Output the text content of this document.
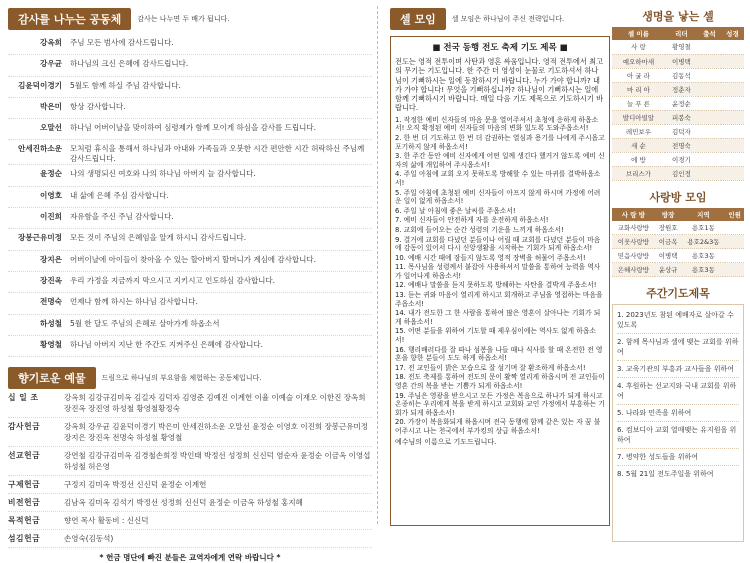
감사를 나누는 공동체	감사는 나누면 두 배가 됩니다.
강옥희	주님 모든 범사에 감사드립니다.
강우균	하나님의 크신 은혜에 감사드립니다.
김윤덕이경기	5월도 함께 하실 주님 감사합니다.
박은미	항상 감사합니다.
오말선	하나님 어버이날을 맞이하여 심령제가 함께 모이게 하심을 감사를 드립니다.
안세진하소운	모처럼 휴식을 통해서 하나님과 아내와 가족들과 오붓한 시간 편안한 시간 허락하신 주님께 감사드립니다.
윤정순	나의 생명되신 여호와 나의 하나님 아버지 늘 감사합니다.
이영호	내 삶에 은혜 주심 감사합니다.
이진희	자유함을 주신 주님 감사합니다.
장봉근유미정	모든 것이 주님의 은혜임을 알게 하시니 감사드립니다.
장지은	어버이날에 아이들이 찾아올 수 있는 할아버지 할머니가 계심에 감사합니다.
장진옥	우리 가정을 지금까지 막으시고 지키시고 인도하심 감사합니다.
전명숙	언제나 함께 하시는 하나님 감사합니다.
하성철	5월 한 달도 주님의 은혜로 살아가게 하옵소서
황영철	하나님 아버지 지난 한 주간도 지켜주신 은혜에 감사합니다.
향기로운 예물	드림으로 하나님의 부요함을 체험하는 공동체입니다.
십 일 조	강옥희 김강규김미옥 김길자 김덕자 김영준 김예진 이계헌 이율 이예슬 이재오 이한진 장옥희 장진옥 장진영 하성철 황영철황정숙
감사헌금	강옥희 강우균 김윤덕이경기 박은미 안세진하소운 오말선 윤정순 이영호 이진희 장봉근유미정 장지은 장진옥 전명숙 하성철 황영철
선교헌금	강연철 김강규김미옥 김경철손희정 박인태 박정선 성정희 신신덕 염순자 윤정순 이금옥 이영섭 하성철 허은영
구제헌금	구정지 김미옥 박정선 신신덕 윤정순 이계헌
비전헌금	김남옥 김미옥 김석기 박정선 성정희 신신덕 윤정순 이금옥 하성철 홍지혜
목적헌금	향연 목사 활동비 : 신신덕
섬김헌금	손영숙(김동석)
* 헌금 명단에 빠진 분들은 교역자에게 연락 바랍니다 *
셀 모임	셀 모임은 하나님이 주신 전략입니다.
■ 전국 동행 전도 축제 기도 제목 ■
전도는 영적 전투이며 사탄과 영혼 싸움입니다. 영적 전투에서 최고의 무기는 기도입니다. 한 주간 더 영성이 눈물로 기도하셔서 하나님이 기뻐하시는 일에 동참하시기 바랍니다. 누가 가야 합니까? 내가 가야 합니다! 무엇을 기뻐하십니까? 하나님이 기뻐하시는 일에 함께 기뻐하시기 바랍니다. 매일 다음 기도 제목으로 기도하시기 바랍니다.
1. 작정한 예비 신자들의 마음 문을 열어주셔서 초청에 응하게 하옵소서! 오직 확정된 예비 신자들의 마음의 변화 있도록 도와주옵소서!
2. 한 번 더 기도하고 한 번 더 감권하는 열심과 용기를 나에게 주시옵고 포기하지 않게 하옵소서!
3. 한 주간 동안 예비 신자에게 어떤 일께 생긴다 했거거 않도록 예비 신자의 삶에 개입하여 주시옵소서!
4. 주일 아침에 교회 오지 못하도록 방해할 수 있는 마귀를 결박하옵소서!
5. 주일 아침에 초청된 예비 신자들이 아프지 않게 하시며 가정에 어려운 일이 없게 하옵소서!
6. 주일 날 아침에 좋은 날씨를 주옵소서!
7. 예비 신자들이 안전하게 자를 운전하게 하옵소서!
8. 교회에 들어오는 순간 성령의 기운을 느끼게 하옵소서!
9. 결거에 교회를 다녔던 분들이나 어릴 때 교회를 다녔던 분들이 마음에 감동이 있어서 다시 신앙생활을 시작하는 기회가 되게 하옵소서!
10. 예배 시간 때에 잠들지 않도록 영적 장벽을 허물어 주옵소서!
11. 목사님을 성령께서 붙잡아 사용하셔서 말씀을 통하여 능력을 역사가 일어나게 하옵소서!
12. 예배나 말씀을 듣지 못하도록 방해하는 사탄을 결박게 주옵소서!
13. 듣는 귀와 마음이 열리게 하시고 회개하고 주님을 영접하는 마음을 주옵소서!
14. 내가 전도한 그 한 사람을 통하여 많은 영혼이 살아나는 기회가 되게 하옵소서!
15. 어떤 분들을 위하여 기도할 때 제우심이에는 역사도 없게 하옵소서!
16. 행리배러다를 잘 따나 섬봉을 나들 때나 식사를 할 때 온전한 전 영혼을 향한 분들이 도도 하게 하옵소서!
17. 전 교인들이 밝은 모습으로 잘 섬기며 잘 환조하게 하옵소서!
18. 전도 축제를 통하여 전도의 문이 활짝 열리게 하옵시며 전 교인들이 영혼 간의 복을 받는 기쁨가 되게 하옵소서!
19. 주님은 영광을 받으시고 모든 가정은 복음으로 하나가 되게 하시고 온종히는 우리에게 복을 받게 하시고 교회와 교인 가정에서 부흥하는 기회가 되게 하옵소서!
20. 가장이 복음화되게 하옵시며 전국 동행에 함께 같은 있는 자 꿈 불어주시고 나는 천국에서 부가킹의 상급 하옵소서!
예수님의 이름으로 기도드립니다.
생명을 낳는 셀
셀 이름	리더	출석	성경
사 랑	황영철		
예오하마새	이병택		
아 굴 라	김동석		
마 리 아	정춘자		
늘 푸 른	윤정순		
발디아빌알	피봉숙		
레민보우	김덕자		
새 순	전명숙		
에 방	이경기		
브리스가	김인정		
사랑방 모임
사 랑 방	방장	지역	인원
교화사랑방	장원호	용호1동	
이웃사랑방	이금옥	용호2&3동	
믿음사랑방	이병택	용호3동	
은혜사랑방	윤상규	용호3동	
주간기도제목
1. 2023년도 참된 예배자로 살아갈 수 있도록
2. 함께 목사님과 셀에 맺는 교회를 위하여
3. 교육기관의 부흥과 교사들을 위하여
4. 후원하는 선교지와 국내 교회를 위하여
5. 나라와 민족을 위하여
6. 컴보디아 교회 열매맺는 유지원을 위하여
7. 병약한 성도들을 위하여
8. 5월 21일 전도주일을 위하여
